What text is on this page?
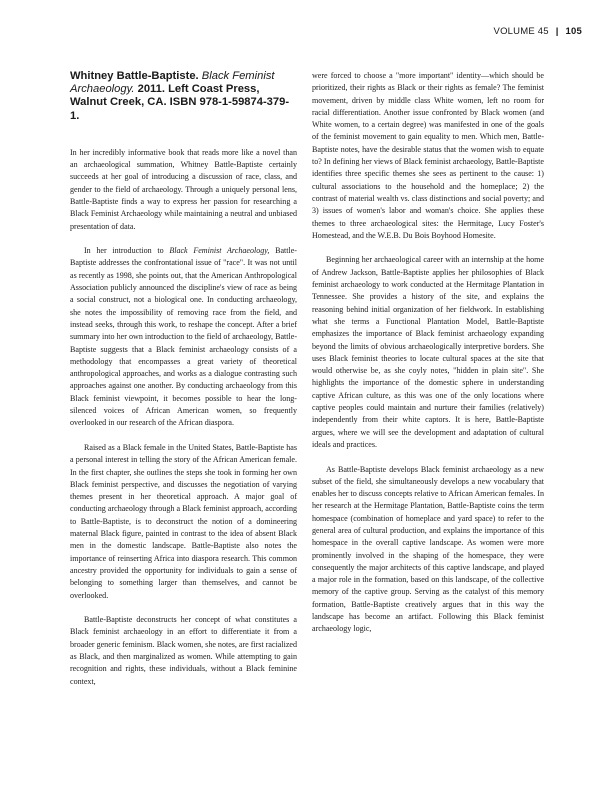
VOLUME 45 | 105
Whitney Battle-Baptiste. Black Feminist Archaeology. 2011. Left Coast Press, Walnut Creek, CA. ISBN 978-1-59874-379-1.

In her incredibly informative book that reads more like a novel than an archaeological summation, Whitney Battle-Baptiste certainly succeeds at her goal of introducing a discussion of race, class, and gender to the field of archaeology. Through a uniquely personal lens, Battle-Baptiste finds a way to express her passion for researching a Black Feminist Archaeology while maintaining a neutral and unbiased presentation of data.

In her introduction to Black Feminist Archaeology, Battle-Baptiste addresses the confrontational issue of "race". It was not until as recently as 1998, she points out, that the American Anthropological Association publicly announced the discipline's view of race as being a social construct, not a biological one. In conducting archaeology, she notes the impossibility of removing race from the field, and instead seeks, through this work, to reshape the concept. After a brief summary into her own introduction to the field of archaeology, Battle-Baptiste suggests that a Black feminist archaeology consists of a methodology that encompasses a great variety of theoretical anthropological approaches, and works as a dialogue contrasting such approaches against one another. By conducting archaeology from this Black feminist viewpoint, it becomes possible to hear the long-silenced voices of African American women, so frequently overlooked in our research of the African diaspora.

Raised as a Black female in the United States, Battle-Baptiste has a personal interest in telling the story of the African American female. In the first chapter, she outlines the steps she took in forming her own Black feminist perspective, and discusses the negotiation of varying themes present in her theoretical approach. A major goal of conducting archaeology through a Black feminist approach, according to Battle-Baptiste, is to deconstruct the notion of a domineering maternal Black figure, painted in contrast to the idea of absent Black men in the domestic landscape. Battle-Baptiste also notes the importance of reinserting Africa into diaspora research. This common ancestry provided the opportunity for individuals to gain a sense of belonging to something larger than themselves, and cannot be overlooked.

Battle-Baptiste deconstructs her concept of what constitutes a Black feminist archaeology in an effort to differentiate it from a broader generic feminism. Black women, she notes, are first racialized as Black, and then marginalized as women. While attempting to gain recognition and rights, these individuals, without a Black feminine context,

were forced to choose a "more important" identity—which should be prioritized, their rights as Black or their rights as female? The feminist movement, driven by middle class White women, left no room for racial differentiation. Another issue confronted by Black women (and White women, to a certain degree) was manifested in one of the goals of the feminist movement to gain equality to men. Which men, Battle-Baptiste notes, have the desirable status that the women wish to equate to? In defining her views of Black feminist archaeology, Battle-Baptiste identifies three specific themes she sees as pertinent to the cause: 1) cultural associations to the household and the homeplace; 2) the contrast of material wealth vs. class distinctions and social poverty; and 3) issues of women's labor and woman's choice. She applies these themes to three archaeological sites: the Hermitage, Lucy Foster's Homestead, and the W.E.B. Du Bois Boyhood Homesite.

Beginning her archaeological career with an internship at the home of Andrew Jackson, Battle-Baptiste applies her philosophies of Black feminist archaeology to work conducted at the Hermitage Plantation in Tennessee. She provides a history of the site, and explains the reasoning behind initial organization of her fieldwork. In establishing what she terms a Functional Plantation Model, Battle-Baptiste emphasizes the importance of Black feminist archaeology expanding beyond the limits of obvious archaeologically interpretive borders. She uses Black feminist theories to locate cultural spaces at the site that would otherwise be, as she coyly notes, "hidden in plain site". She highlights the importance of the domestic sphere in understanding captive African culture, as this was one of the only locations where captive peoples could maintain and nurture their families (relatively) independently from their white captors. It is here, Battle-Baptiste argues, where we will see the development and adaptation of cultural ideals and practices.

As Battle-Baptiste develops Black feminist archaeology as a new subset of the field, she simultaneously develops a new vocabulary that enables her to discuss concepts relative to African American females. In her research at the Hermitage Plantation, Battle-Baptiste coins the term homespace (combination of homeplace and yard space) to refer to the general area of cultural production, and explains the importance of this homespace in the overall captive landscape. As women were more prominently involved in the shaping of the homespace, they were consequently the major architects of this captive landscape, and played a major role in the formation, based on this landscape, of the collective memory of the captive group. Serving as the catalyst of this memory formation, Battle-Baptiste creatively argues that in this way the landscape has become an artifact. Following this Black feminist archaeology logic,
